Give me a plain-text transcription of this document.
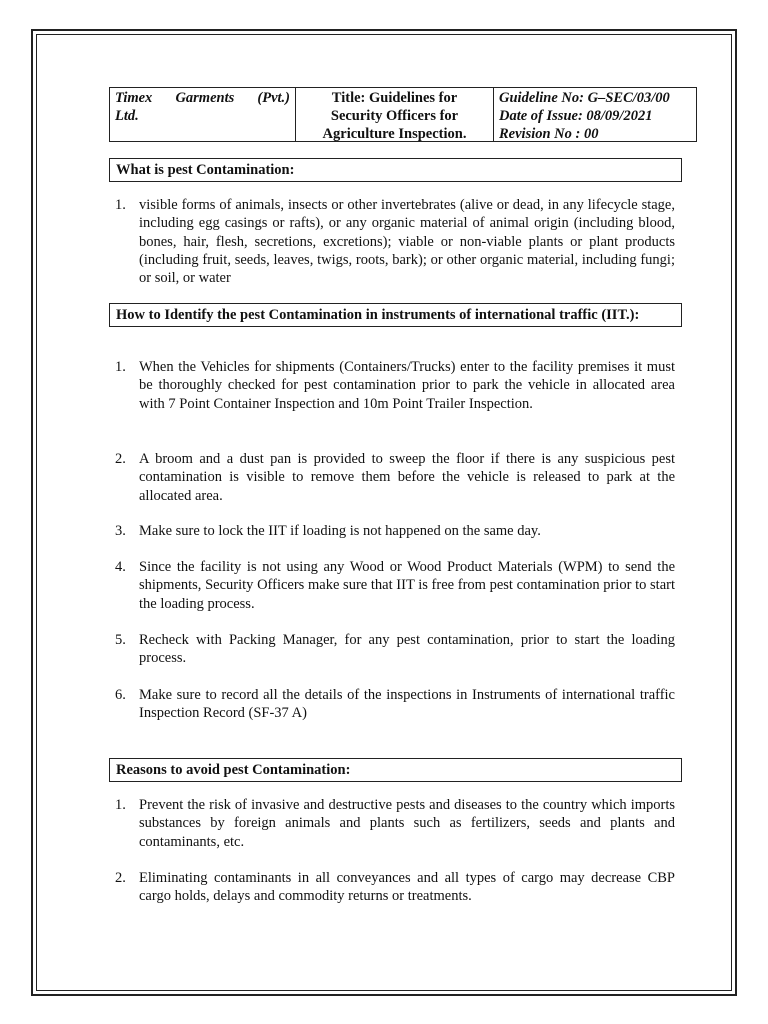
Timex Garments (Pvt.)
Ltd.
Title: Guidelines for
Security Officers for
Agriculture Inspection.
Guideline No: G–SEC/03/00
Date of Issue: 08/09/2021
Revision No : 00
What is pest Contamination:
1. visible forms of animals, insects or other invertebrates (alive or dead, in any lifecycle stage, including egg casings or rafts), or any organic material of animal origin (including blood, bones, hair, flesh, secretions, excretions); viable or non-viable plants or plant products (including fruit, seeds, leaves, twigs, roots, bark); or other organic material, including fungi; or soil, or water
How to Identify the pest Contamination in instruments of international traffic (IIT.):
1. When the Vehicles for shipments (Containers/Trucks) enter to the facility premises it must be thoroughly checked for pest contamination prior to park the vehicle in allocated area with 7 Point Container Inspection and 10m Point Trailer Inspection.
2. A broom and a dust pan is provided to sweep the floor if there is any suspicious pest contamination is visible to remove them before the vehicle is released to park at the allocated area.
3. Make sure to lock the IIT if loading is not happened on the same day.
4. Since the facility is not using any Wood or Wood Product Materials (WPM) to send the shipments, Security Officers make sure that IIT is free from pest contamination prior to start the loading process.
5. Recheck with Packing Manager, for any pest contamination, prior to start the loading process.
6. Make sure to record all the details of the inspections in Instruments of international traffic Inspection Record (SF-37 A)
Reasons to avoid pest Contamination:
1. Prevent the risk of invasive and destructive pests and diseases to the country which imports substances by foreign animals and plants such as fertilizers, seeds and plants and contaminants, etc.
2. Eliminating contaminants in all conveyances and all types of cargo may decrease CBP cargo holds, delays and commodity returns or treatments.
